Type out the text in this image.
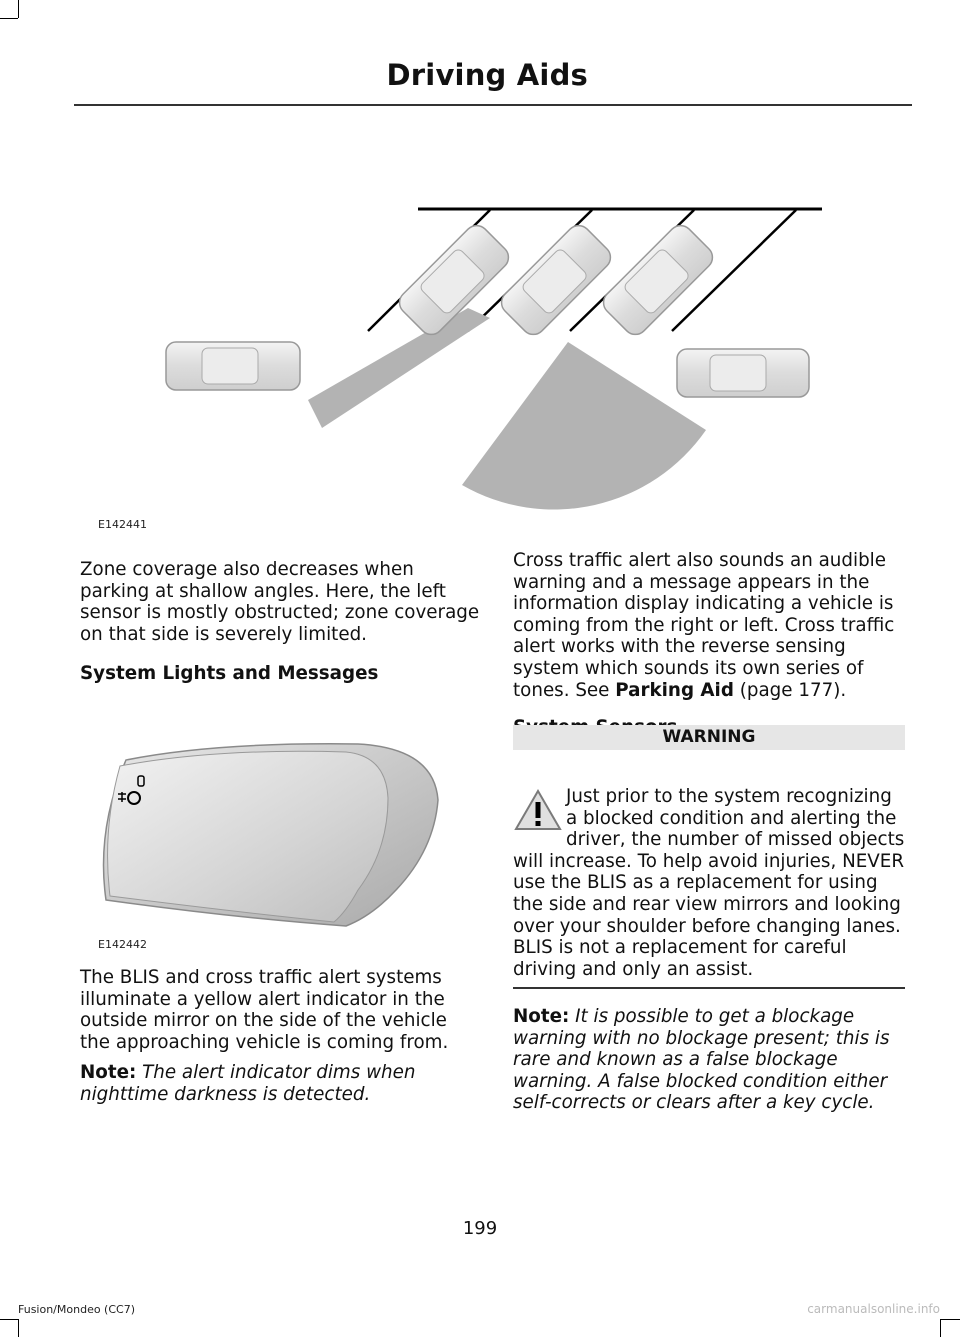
Driving Aids
E142441
Zone coverage also decreases when parking at shallow angles. Here, the left sensor is mostly obstructed; zone coverage on that side is severely limited.
System Lights and Messages
E142442
The BLIS and cross traffic alert systems illuminate a yellow alert indicator in the outside mirror on the side of the vehicle the approaching vehicle is coming from.
Note: The alert indicator dims when nighttime darkness is detected.
Cross traffic alert also sounds an audible warning and a message appears in the information display indicating a vehicle is coming from the right or left. Cross traffic alert works with the reverse sensing system which sounds its own series of tones. See Parking Aid (page 177).
WARNING
Just prior to the system recognizing a blocked condition and alerting the driver, the number of missed objects will increase. To help avoid injuries, NEVER use the BLIS as a replacement for using the side and rear view mirrors and looking over your shoulder before changing lanes. BLIS is not a replacement for careful driving and only an assist.
Note: It is possible to get a blockage warning with no blockage present; this is rare and known as a false blockage warning. A false blocked condition either self-corrects or clears after a key cycle.
199
Fusion/Mondeo (CC7)	carmanualsonline.info
